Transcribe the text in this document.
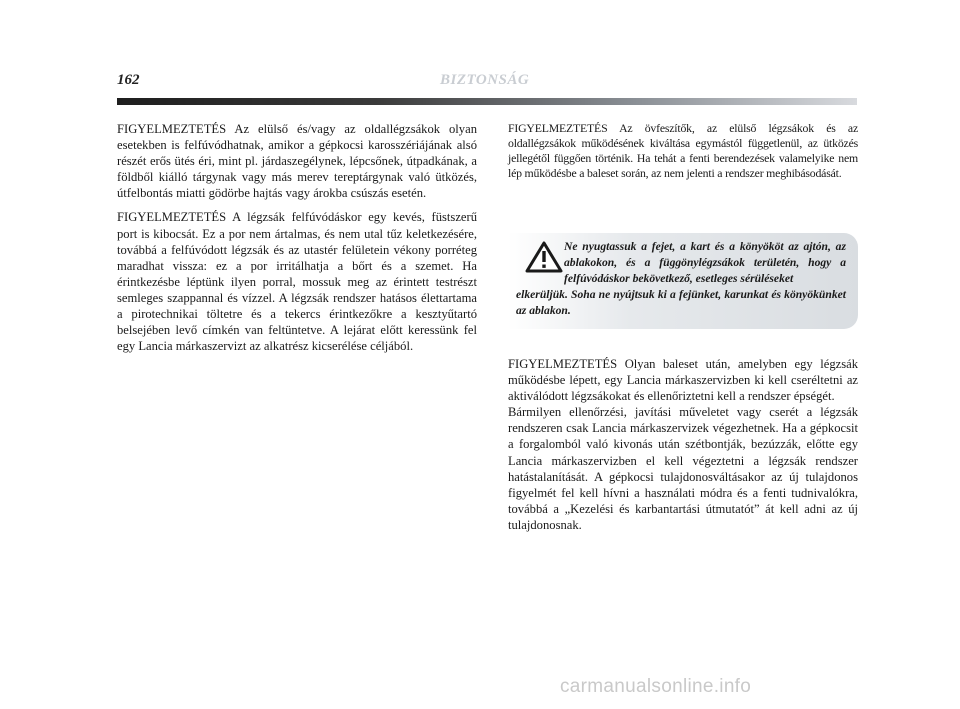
162	BIZTONSÁG

FIGYELMEZTETÉS Az elülső és/vagy az oldallégzsákok olyan esetekben is felfúvódhatnak, amikor a gépkocsi karosszériájának alsó részét erős ütés éri, mint pl. járdaszegélynek, lépcsőnek, útpadkának, a földből kiálló tárgynak vagy más merev tereptárgynak való ütközés, útfelbontás miatti gödörbe hajtás vagy árokba csúszás esetén.

FIGYELMEZTETÉS A légzsák felfúvódáskor egy kevés, füstszerű port is kibocsát. Ez a por nem ártalmas, és nem utal tűz keletkezésére, továbbá a felfúvódott légzsák és az utastér felületein vékony porréteg maradhat vissza: ez a por irritálhatja a bőrt és a szemet. Ha érintkezésbe léptünk ilyen porral, mossuk meg az érintett testrészt semleges szappannal és vízzel. A légzsák rendszer hatásos élettartama a pirotechnikai töltetre és a tekercs érintkezőkre a kesztyűtartó belsejében levő címkén van feltüntetve. A lejárat előtt keressünk fel egy Lancia márkaszervizt az alkatrész kicserélése céljából.

FIGYELMEZTETÉS Az övfeszítők, az elülső légzsákok és az oldallégzsákok működésének kiváltása egymástól függetlenül, az ütközés jellegétől függően történik. Ha tehát a fenti berendezések valamelyike nem lép működésbe a baleset során, az nem jelenti a rendszer meghibásodását.

Ne nyugtassuk a fejet, a kart és a könyököt az ajtón, az ablakokon, és a függönylégzsákok területén, hogy a felfúvódáskor bekövetkező, esetleges sérüléseket
elkerüljük. Soha ne nyújtsuk ki a fejünket, karunkat és könyökünket az ablakon.

FIGYELMEZTETÉS Olyan baleset után, amelyben egy légzsák működésbe lépett, egy Lancia márkaszervizben ki kell cseréltetni az aktiválódott légzsákokat és ellenőriztetni kell a rendszer épségét.

Bármilyen ellenőrzési, javítási műveletet vagy cserét a légzsák rendszeren csak Lancia márkaszervizek végezhetnek. Ha a gépkocsit a forgalomból való kivonás után szétbontják, bezúzzák, előtte egy Lancia márkaszervizben el kell végeztetni a légzsák rendszer hatástalanítását. A gépkocsi tulajdonosváltásakor az új tulajdonos figyelmét fel kell hívni a használati módra és a fenti tudnivalókra, továbbá a „Kezelési és karbantartási útmutatót” át kell adni az új tulajdonosnak.

carmanualsonline.info
